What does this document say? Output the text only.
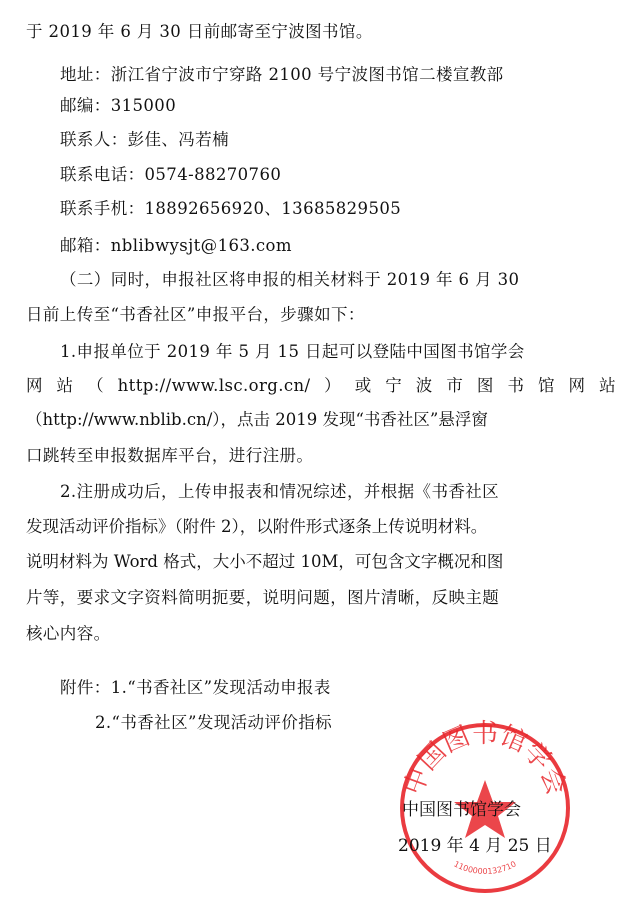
于 2019 年 6 月 30 日前邮寄至宁波图书馆。
地址：浙江省宁波市宁穿路 2100 号宁波图书馆二楼宣教部
邮编：315000
联系人：彭佳、冯若楠
联系电话：0574-88270760
联系手机：18892656920、13685829505
邮箱：nblibwysjt@163.com
（二）同时，申报社区将申报的相关材料于 2019 年 6 月 30
日前上传至“书香社区”申报平台，步骤如下：
1.申报单位于 2019 年 5 月 15 日起可以登陆中国图书馆学会
网站（http://www.lsc.org.cn/）或宁波市图书馆网站
（http://www.nblib.cn/），点击 2019 发现“书香社区”悬浮窗
口跳转至申报数据库平台，进行注册。
2.注册成功后，上传申报表和情况综述，并根据《书香社区
发现活动评价指标》（附件 2），以附件形式逐条上传说明材料。
说明材料为 Word 格式，大小不超过 10M，可包含文字概况和图
片等，要求文字资料简明扼要，说明问题，图片清晰，反映主题
核心内容。
附件：1.“书香社区”发现活动申报表
2.“书香社区”发现活动评价指标
中国图书馆学会
1100000132710
中国图书馆学会
2019 年 4 月 25 日
